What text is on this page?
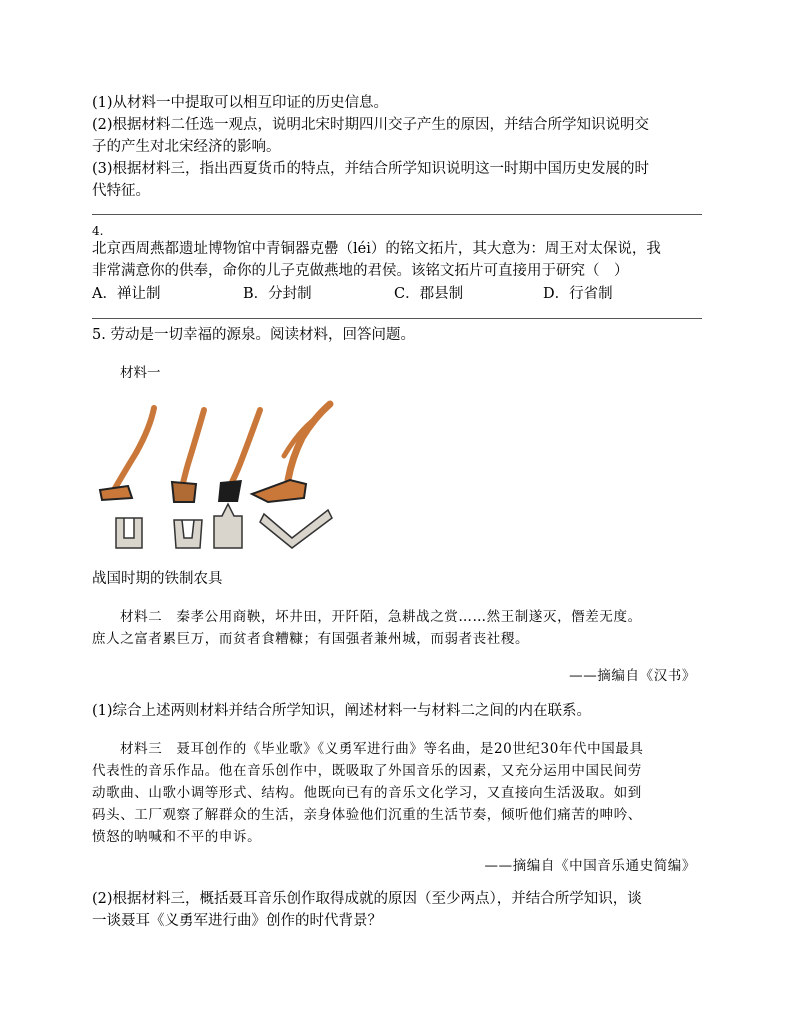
(1)从材料一中提取可以相互印证的历史信息。
(2)根据材料二任选一观点，说明北宋时期四川交子产生的原因，并结合所学知识说明交
子的产生对北宋经济的影响。
(3)根据材料三，指出西夏货币的特点，并结合所学知识说明这一时期中国历史发展的时
代特征。
4.
北京西周燕都遗址博物馆中青铜器克罍（léi）的铭文拓片，其大意为：周王对太保说，我
非常满意你的供奉，命你的儿子克做燕地的君侯。该铭文拓片可直接用于研究（　）
A．禅让制	B．分封制	C．郡县制	D．行省制
5. 劳动是一切幸福的源泉。阅读材料，回答问题。
材料一
战国时期的铁制农具
材料二　秦孝公用商鞅，坏井田，开阡陌，急耕战之赏……然王制遂灭，僭差无度。
庶人之富者累巨万，而贫者食糟糠；有国强者兼州城，而弱者丧社稷。
——摘编自《汉书》
(1)综合上述两则材料并结合所学知识，阐述材料一与材料二之间的内在联系。
材料三　聂耳创作的《毕业歌》《义勇军进行曲》等名曲，是20世纪30年代中国最具
代表性的音乐作品。他在音乐创作中，既吸取了外国音乐的因素，又充分运用中国民间劳
动歌曲、山歌小调等形式、结构。他既向已有的音乐文化学习，又直接向生活汲取。如到
码头、工厂观察了解群众的生活，亲身体验他们沉重的生活节奏，倾听他们痛苦的呻吟、
愤怒的呐喊和不平的申诉。
——摘编自《中国音乐通史简编》
(2)根据材料三，概括聂耳音乐创作取得成就的原因（至少两点），并结合所学知识，谈
一谈聂耳《义勇军进行曲》创作的时代背景？
